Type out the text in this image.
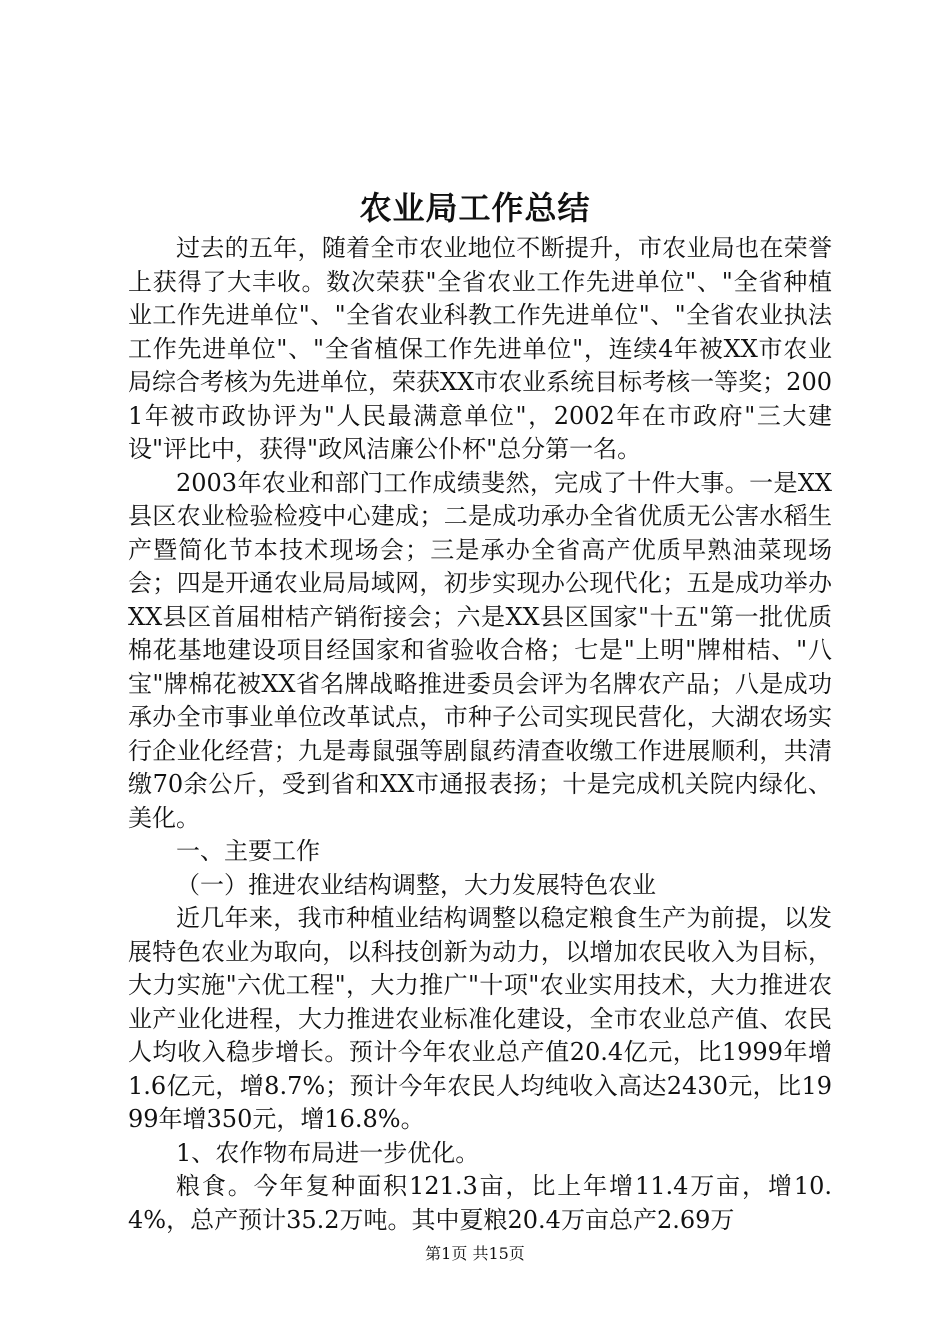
农业局工作总结

过去的五年，随着全市农业地位不断提升，市农业局也在荣誉上获得了大丰收。数次荣获"全省农业工作先进单位"、"全省种植业工作先进单位"、"全省农业科教工作先进单位"、"全省农业执法工作先进单位"、"全省植保工作先进单位"，连续4年被XX市农业局综合考核为先进单位，荣获XX市农业系统目标考核一等奖；2001年被市政协评为"人民最满意单位"，2002年在市政府"三大建设"评比中，获得"政风洁廉公仆杯"总分第一名。

2003年农业和部门工作成绩斐然，完成了十件大事。一是XX县区农业检验检疫中心建成；二是成功承办全省优质无公害水稻生产暨简化节本技术现场会；三是承办全省高产优质早熟油菜现场会；四是开通农业局局域网，初步实现办公现代化；五是成功举办XX县区首届柑桔产销衔接会；六是XX县区国家"十五"第一批优质棉花基地建设项目经国家和省验收合格；七是"上明"牌柑桔、"八宝"牌棉花被XX省名牌战略推进委员会评为名牌农产品；八是成功承办全市事业单位改革试点，市种子公司实现民营化，大湖农场实行企业化经营；九是毒鼠强等剧鼠药清查收缴工作进展顺利，共清缴70余公斤，受到省和XX市通报表扬；十是完成机关院内绿化、美化。

一、主要工作

（一）推进农业结构调整，大力发展特色农业

近几年来，我市种植业结构调整以稳定粮食生产为前提，以发展特色农业为取向，以科技创新为动力，以增加农民收入为目标，大力实施"六优工程"，大力推广"十项"农业实用技术，大力推进农业产业化进程，大力推进农业标准化建设，全市农业总产值、农民人均收入稳步增长。预计今年农业总产值20.4亿元，比1999年增1.6亿元，增8.7%；预计今年农民人均纯收入高达2430元，比1999年增350元，增16.8%。

1、农作物布局进一步优化。

粮食。今年复种面积121.3亩，比上年增11.4万亩，增10.4%，总产预计35.2万吨。其中夏粮20.4万亩总产2.69万

第1页 共15页
